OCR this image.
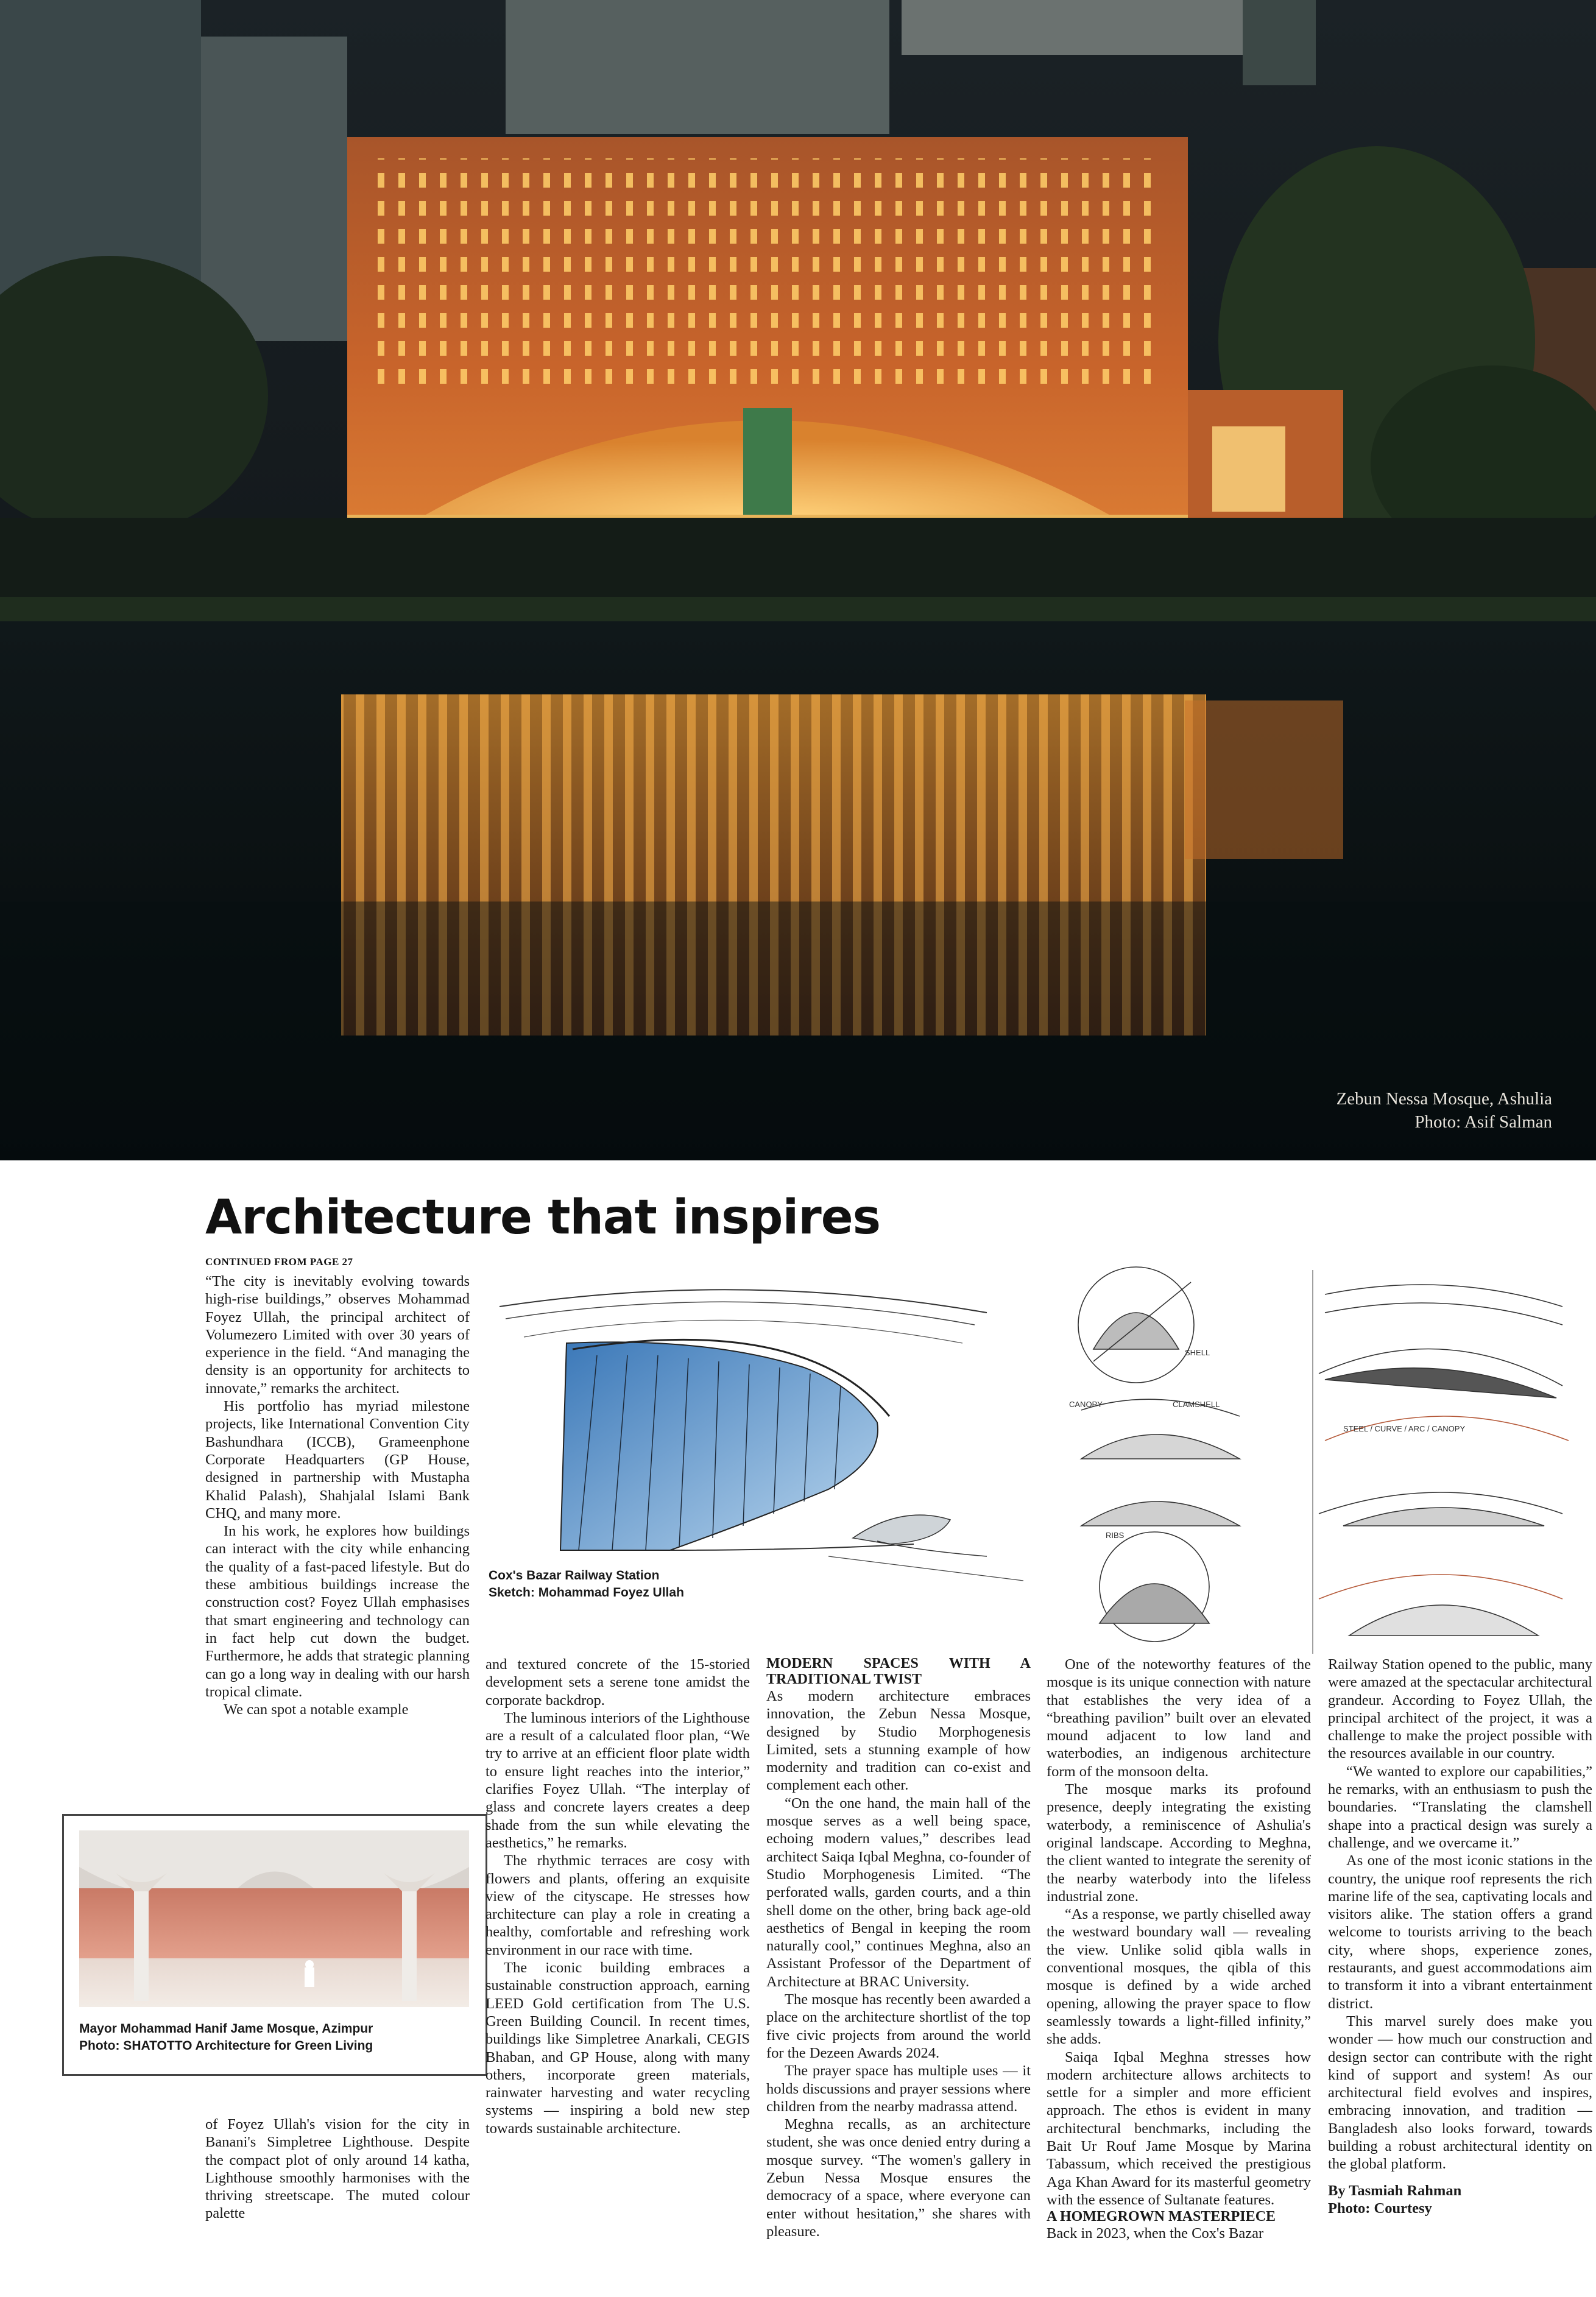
Zebun Nessa Mosque, Ashulia
Photo: Asif Salman
Architecture that inspires
CONTINUED FROM PAGE 27

“The city is inevitably evolving towards high-rise buildings,” observes Mohammad Foyez Ullah, the principal architect of Volumezero Limited with over 30 years of experience in the field. “And managing the density is an opportunity for architects to innovate,” remarks the architect.

His portfolio has myriad milestone projects, like International Convention City Bashundhara (ICCB), Grameenphone Corporate Headquarters (GP House, designed in partnership with Mustapha Khalid Palash), Shahjalal Islami Bank CHQ, and many more.

In his work, he explores how buildings can interact with the city while enhancing the quality of a fast-paced lifestyle. But do these ambitious buildings increase the construction cost? Foyez Ullah emphasises that smart engineering and technology can in fact help cut down the budget. Furthermore, he adds that strategic planning can go a long way in dealing with our harsh tropical climate.

We can spot a notable example

Mayor Mohammad Hanif Jame Mosque, Azimpur
Photo: SHATOTTO Architecture for Green Living

of Foyez Ullah's vision for the city in Banani's Simpletree Lighthouse. Despite the compact plot of only around 14 katha, Lighthouse smoothly harmonises with the thriving streetscape. The muted colour palette

Cox's Bazar Railway Station
Sketch: Mohammad Foyez Ullah
CANOPY	CLAMSHELL
STEEL / CURVE / ARC / CANOPY
SHELL
RIBS

and textured concrete of the 15-storied development sets a serene tone amidst the corporate backdrop.

The luminous interiors of the Lighthouse are a result of a calculated floor plan, “We try to arrive at an efficient floor plate width to ensure light reaches into the interior,” clarifies Foyez Ullah. “The interplay of glass and concrete layers creates a deep shade from the sun while elevating the aesthetics,” he remarks.

The rhythmic terraces are cosy with flowers and plants, offering an exquisite view of the cityscape. He stresses how architecture can play a role in creating a healthy, comfortable and refreshing work environment in our race with time.

The iconic building embraces a sustainable construction approach, earning LEED Gold certification from The U.S. Green Building Council. In recent times, buildings like Simpletree Anarkali, CEGIS Bhaban, and GP House, along with many others, incorporate green materials, rainwater harvesting and water recycling systems — inspiring a bold new step towards sustainable architecture.

MODERN SPACES WITH A TRADITIONAL TWIST

As modern architecture embraces innovation, the Zebun Nessa Mosque, designed by Studio Morphogenesis Limited, sets a stunning example of how modernity and tradition can co-exist and complement each other.

“On the one hand, the main hall of the mosque serves as a well being space, echoing modern values,” describes lead architect Saiqa Iqbal Meghna, co-founder of Studio Morphogenesis Limited. “The perforated walls, garden courts, and a thin shell dome on the other, bring back age-old aesthetics of Bengal in keeping the room naturally cool,” continues Meghna, also an Assistant Professor of the Department of Architecture at BRAC University.

The mosque has recently been awarded a place on the architecture shortlist of the top five civic projects from around the world for the Dezeen Awards 2024.

The prayer space has multiple uses — it holds discussions and prayer sessions where children from the nearby madrassa attend.

Meghna recalls, as an architecture student, she was once denied entry during a mosque survey. “The women's gallery in Zebun Nessa Mosque ensures the democracy of a space, where everyone can enter without hesitation,” she shares with pleasure.

One of the noteworthy features of the mosque is its unique connection with nature that establishes the very idea of a “breathing pavilion” built over an elevated mound adjacent to low land and waterbodies, an indigenous architecture form of the monsoon delta.

The mosque marks its profound presence, deeply integrating the existing waterbody, a reminiscence of Ashulia's original landscape. According to Meghna, the client wanted to integrate the serenity of the nearby waterbody into the lifeless industrial zone.

“As a response, we partly chiselled away the westward boundary wall — revealing the view. Unlike solid qibla walls in conventional mosques, the qibla of this mosque is defined by a wide arched opening, allowing the prayer space to flow seamlessly towards a light-filled infinity,” she adds.

Saiqa Iqbal Meghna stresses how modern architecture allows architects to settle for a simpler and more efficient approach. The ethos is evident in many architectural benchmarks, including the Bait Ur Rouf Jame Mosque by Marina Tabassum, which received the prestigious Aga Khan Award for its masterful geometry with the essence of Sultanate features.

A HOMEGROWN MASTERPIECE

Back in 2023, when the Cox's Bazar

Railway Station opened to the public, many were amazed at the spectacular architectural grandeur. According to Foyez Ullah, the principal architect of the project, it was a challenge to make the project possible with the resources available in our country.

“We wanted to explore our capabilities,” he remarks, with an enthusiasm to push the boundaries. “Translating the clamshell shape into a practical design was surely a challenge, and we overcame it.”

As one of the most iconic stations in the country, the unique roof represents the rich marine life of the sea, captivating locals and visitors alike. The station offers a grand welcome to tourists arriving to the beach city, where shops, experience zones, restaurants, and guest accommodations aim to transform it into a vibrant entertainment district.

This marvel surely does make you wonder — how much our construction and design sector can contribute with the right kind of support and system! As our architectural field evolves and inspires, embracing innovation, and tradition — Bangladesh also looks forward, towards building a robust architectural identity on the global platform.

By Tasmiah Rahman

Photo: Courtesy
